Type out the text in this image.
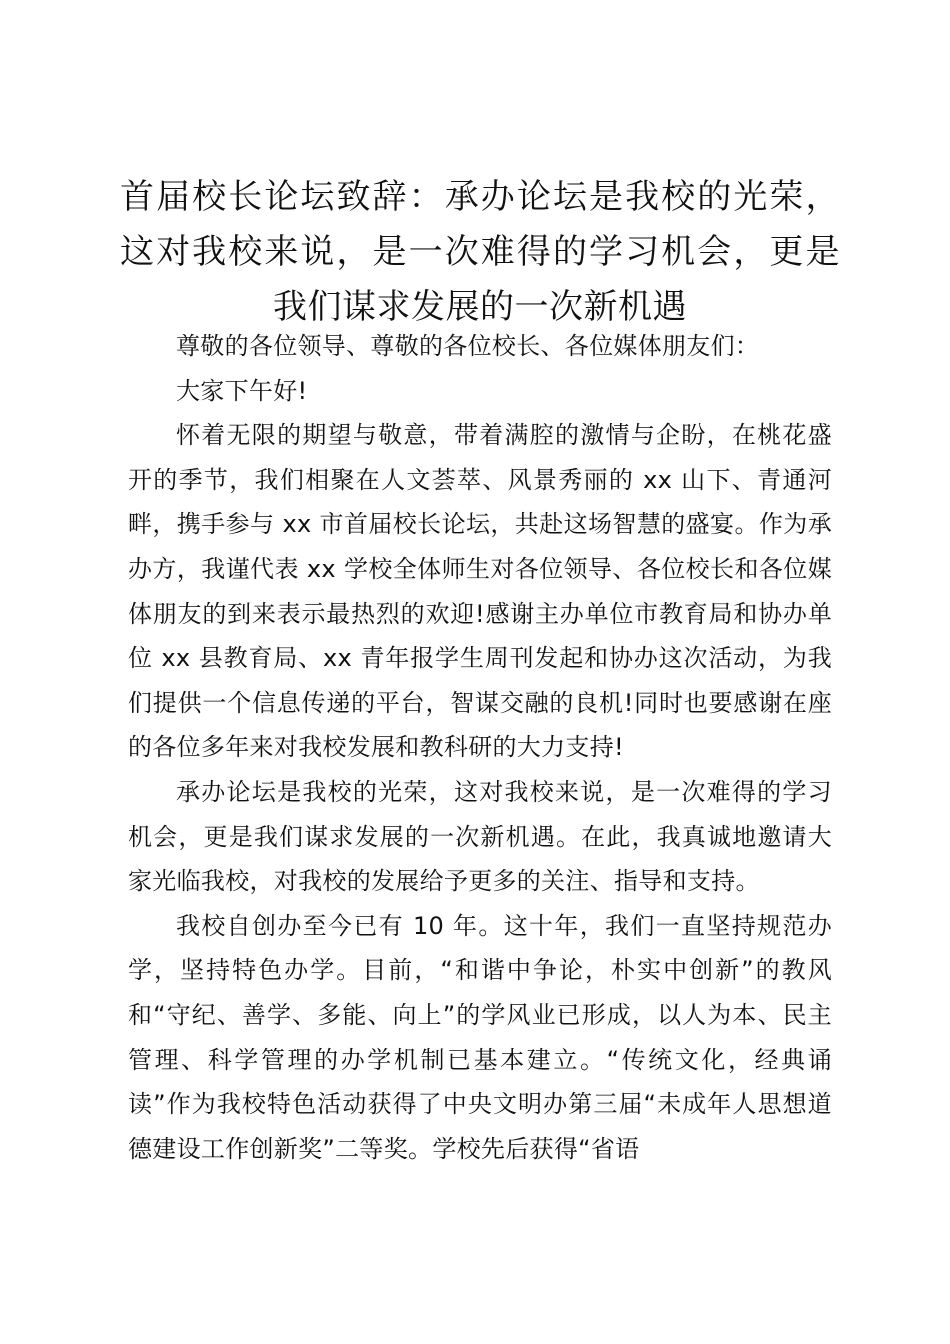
首届校长论坛致辞：承办论坛是我校的光荣，这对我校来说，是一次难得的学习机会，更是我们谋求发展的一次新机遇

尊敬的各位领导、尊敬的各位校长、各位媒体朋友们：

大家下午好!

怀着无限的期望与敬意，带着满腔的激情与企盼，在桃花盛开的季节，我们相聚在人文荟萃、风景秀丽的 xx 山下、青通河畔，携手参与 xx 市首届校长论坛，共赴这场智慧的盛宴。作为承办方，我谨代表 xx 学校全体师生对各位领导、各位校长和各位媒体朋友的到来表示最热烈的欢迎!感谢主办单位市教育局和协办单位 xx 县教育局、xx 青年报学生周刊发起和协办这次活动，为我们提供一个信息传递的平台，智谋交融的良机!同时也要感谢在座的各位多年来对我校发展和教科研的大力支持!

承办论坛是我校的光荣，这对我校来说，是一次难得的学习机会，更是我们谋求发展的一次新机遇。在此，我真诚地邀请大家光临我校，对我校的发展给予更多的关注、指导和支持。

我校自创办至今已有 10 年。这十年，我们一直坚持规范办学，坚持特色办学。目前，“和谐中争论，朴实中创新”的教风和“守纪、善学、多能、向上”的学风业已形成，以人为本、民主管理、科学管理的办学机制已基本建立。“传统文化，经典诵读”作为我校特色活动获得了中央文明办第三届“未成年人思想道德建设工作创新奖”二等奖。学校先后获得“省语
